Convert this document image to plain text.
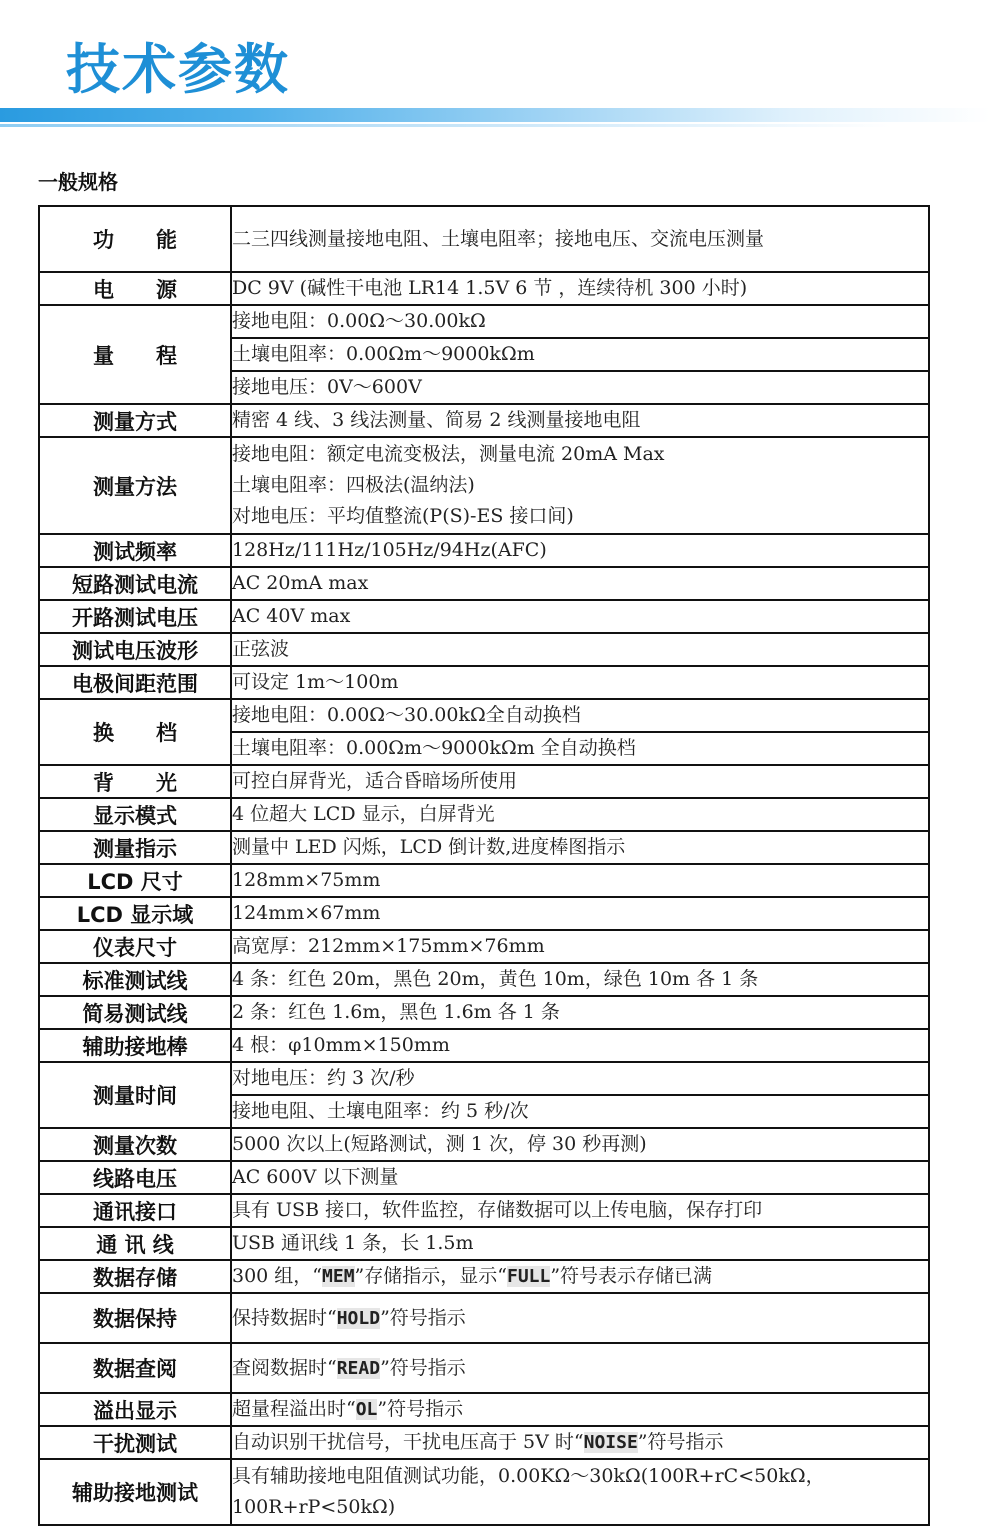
技术参数
一般规格
功　　能	二三四线测量接地电阻、土壤电阻率；接地电压、交流电压测量

电　　源	DC 9V (碱性干电池 LR14 1.5V 6 节 ，连续待机 300 小时)

量　　程	接地电阻：0.00Ω～30.00kΩ

	土壤电阻率：0.00Ωm～9000kΩm

	接地电压：0V～600V

测量方式	精密 4 线、3 线法测量、简易 2 线测量接地电阻

测量方法	接地电阻：额定电流变极法，测量电流 20mA Max
土壤电阻率：四极法(温纳法)
对地电压：平均值整流(P(S)-ES 接口间)

测试频率	128Hz/111Hz/105Hz/94Hz(AFC)

短路测试电流	AC 20mA max

开路测试电压	AC 40V max

测试电压波形	正弦波

电极间距范围	可设定 1m～100m

换　　档	接地电阻：0.00Ω～30.00kΩ全自动换档

	土壤电阻率：0.00Ωm～9000kΩm 全自动换档

背　　光	可控白屏背光，适合昏暗场所使用

显示模式	4 位超大 LCD 显示，白屏背光

测量指示	测量中 LED 闪烁，LCD 倒计数,进度棒图指示

LCD 尺寸	128mm×75mm

LCD 显示域	124mm×67mm

仪表尺寸	高宽厚：212mm×175mm×76mm

标准测试线	4 条：红色 20m，黑色 20m，黄色 10m，绿色 10m 各 1 条

简易测试线	2 条：红色 1.6m，黑色 1.6m 各 1 条

辅助接地棒	4 根：φ10mm×150mm

测量时间	对地电压：约 3 次/秒

	接地电阻、土壤电阻率：约 5 秒/次

测量次数	5000 次以上(短路测试，测 1 次，停 30 秒再测)

线路电压	AC 600V 以下测量

通讯接口	具有 USB 接口，软件监控，存储数据可以上传电脑，保存打印

通 讯 线	USB 通讯线 1 条，长 1.5m

数据存储	300 组，“MEM”存储指示，显示“FULL”符号表示存储已满

数据保持	保持数据时“HOLD”符号指示

数据查阅	查阅数据时“READ”符号指示

溢出显示	超量程溢出时“OL”符号指示

干扰测试	自动识别干扰信号，干扰电压高于 5V 时“NOISE”符号指示

辅助接地测试	具有辅助接地电阻值测试功能，0.00KΩ～30kΩ(100R+rC<50kΩ，100R+rP<50kΩ)
